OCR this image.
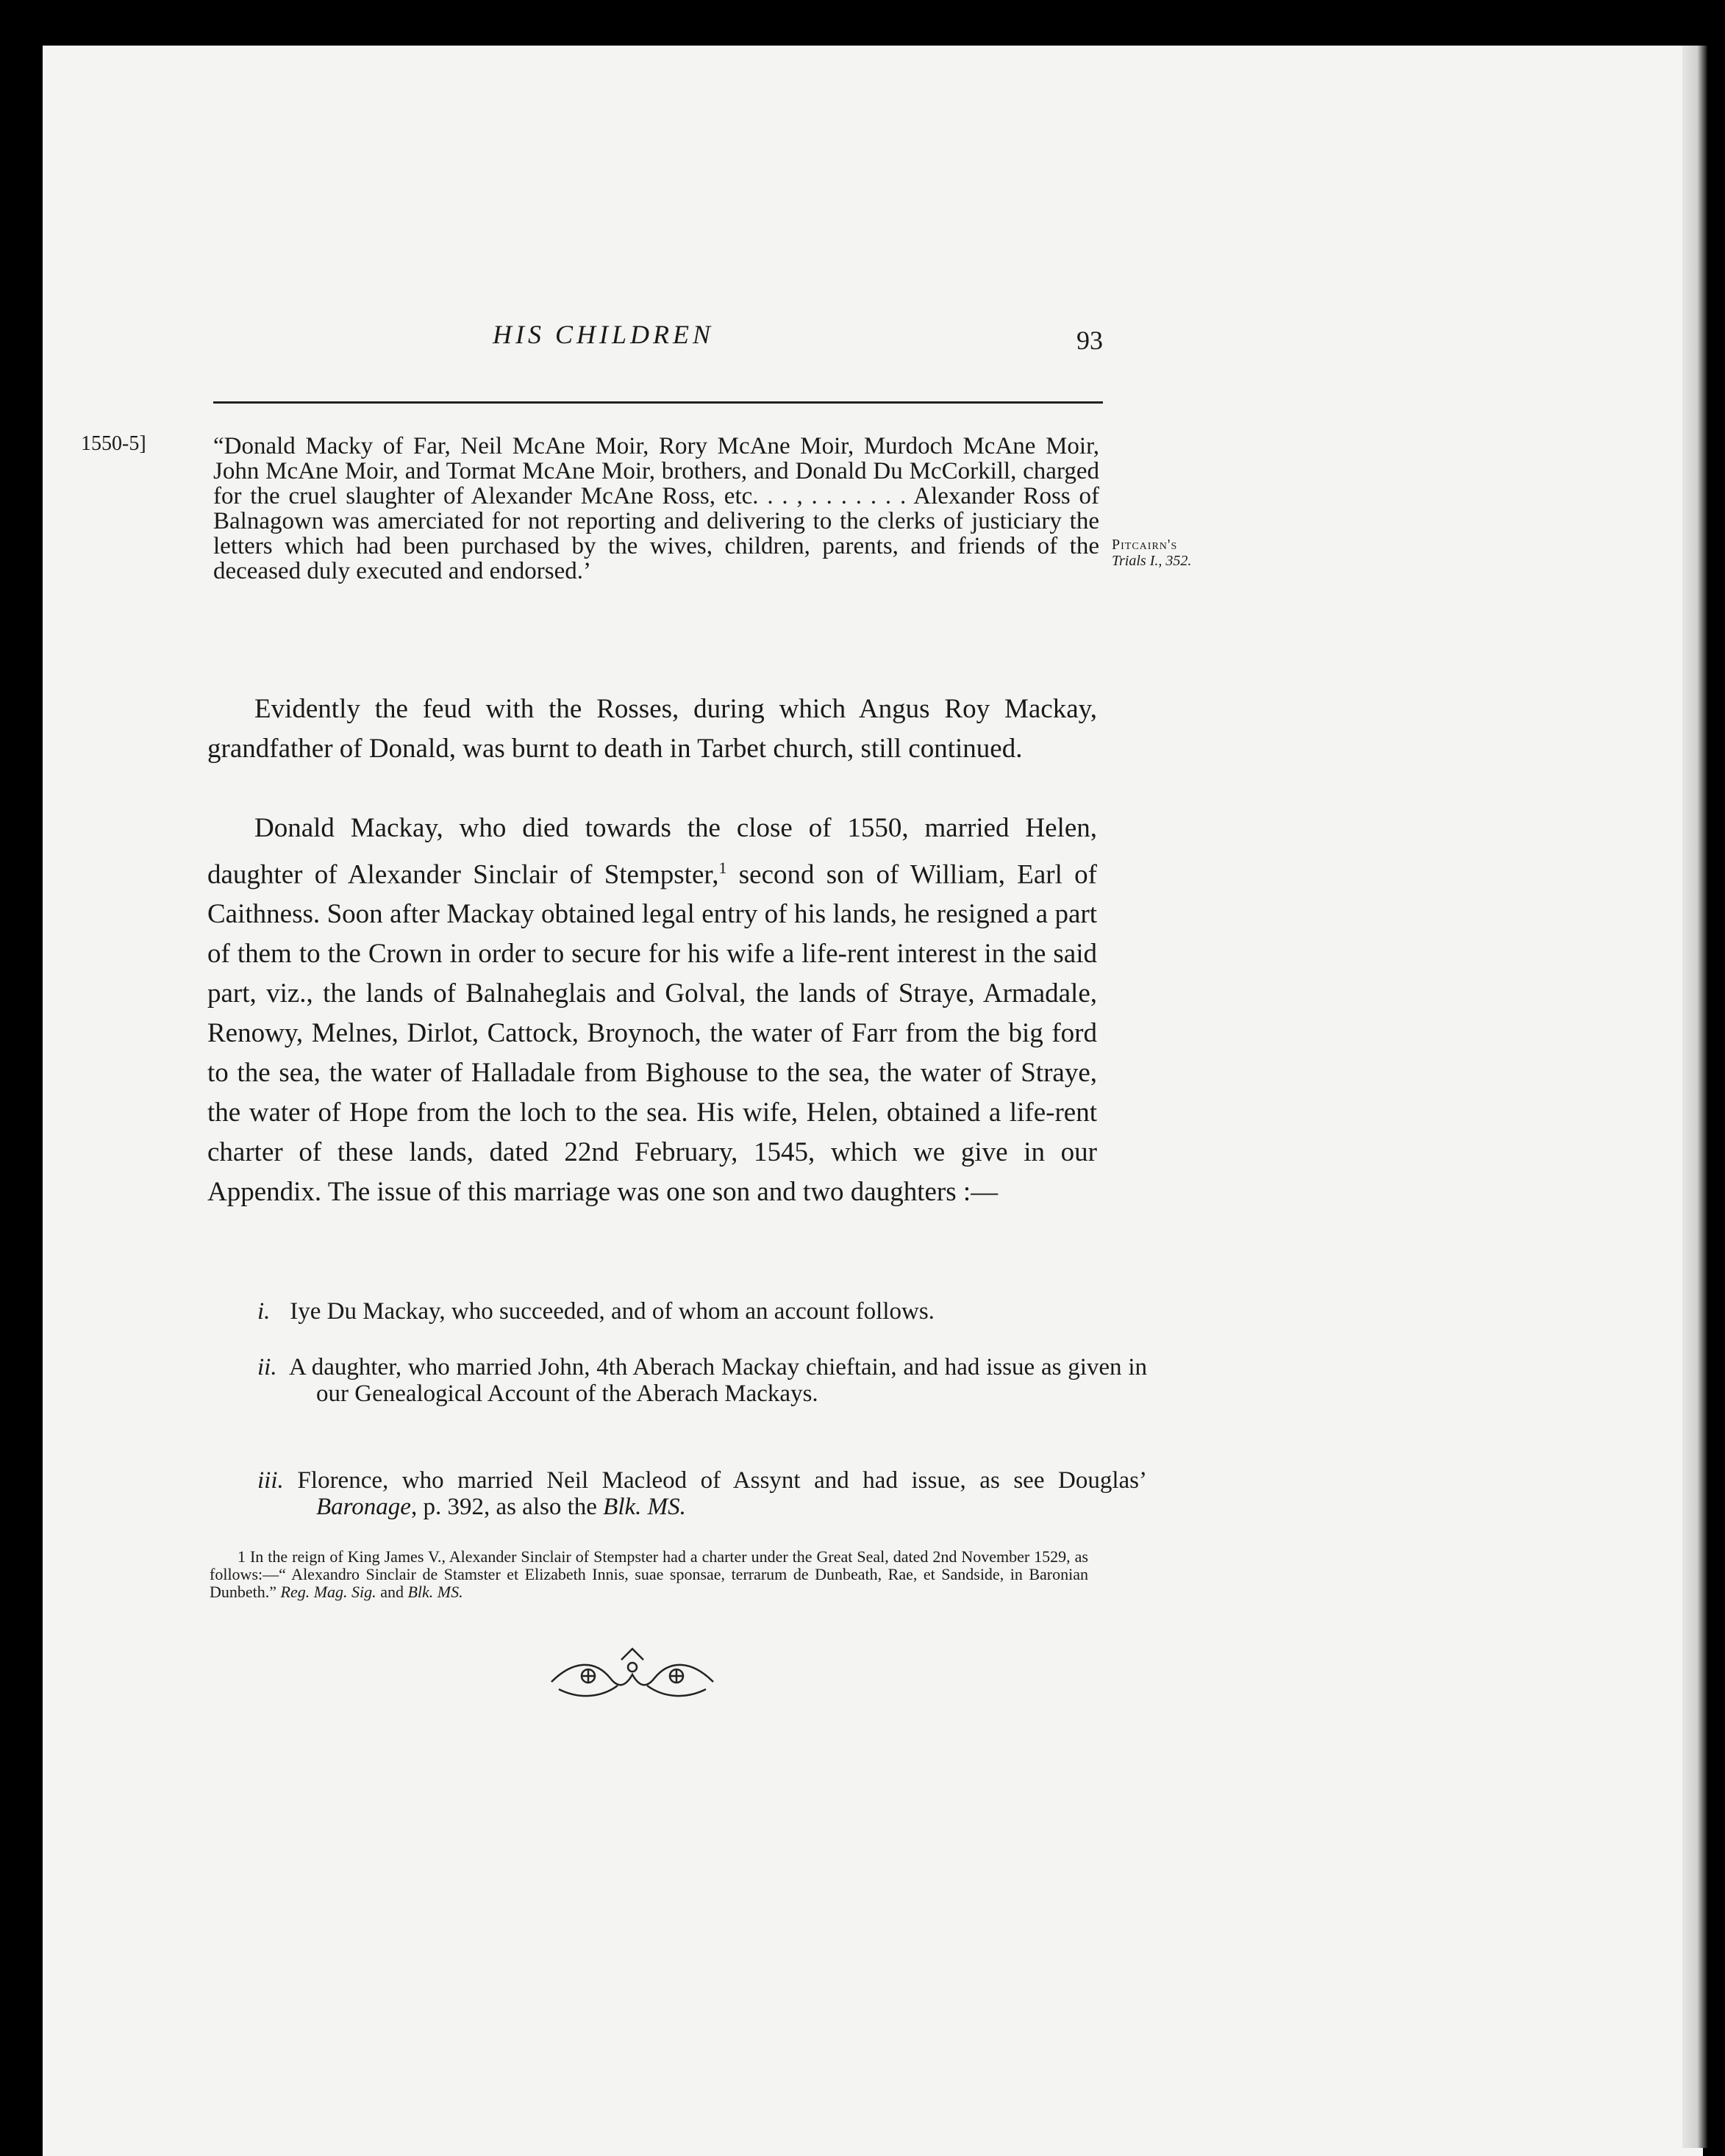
HIS CHILDREN	93
1550-5]
Pitcairn's
Trials I., 352.

“Donald Macky of Far, Neil McAne Moir, Rory McAne Moir, Murdoch McAne Moir, John McAne Moir, and Tormat McAne Moir, brothers, and Donald Du McCorkill, charged for the cruel slaughter of Alexander McAne Ross, etc. . . , . . . . . . . Alexander Ross of Balnagown was amerciated for not reporting and delivering to the clerks of justiciary the letters which had been purchased by the wives, children, parents, and friends of the deceased duly executed and endorsed.’

Evidently the feud with the Rosses, during which Angus Roy Mackay, grandfather of Donald, was burnt to death in Tarbet church, still continued.

Donald Mackay, who died towards the close of 1550, married Helen, daughter of Alexander Sinclair of Stempster,$^1$ second son of William, Earl of Caithness. Soon after Mackay obtained legal entry of his lands, he resigned a part of them to the Crown in order to secure for his wife a life-rent interest in the said part, viz., the lands of Balnaheglais and Golval, the lands of Straye, Armadale, Renowy, Melnes, Dirlot, Cattock, Broynoch, the water of Farr from the big ford to the sea, the water of Halladale from Bighouse to the sea, the water of Straye, the water of Hope from the loch to the sea. His wife, Helen, obtained a life-rent charter of these lands, dated 22nd February, 1545, which we give in our Appendix. The issue of this marriage was one son and two daughters :—

i. Iye Du Mackay, who succeeded, and of whom an account follows.

ii. A daughter, who married John, 4th Aberach Mackay chieftain, and had issue as given in our Genealogical Account of the Aberach Mackays.

iii. Florence, who married Neil Macleod of Assynt and had issue, as see Douglas’ Baronage, p. 392, as also the Blk. MS.

1 In the reign of King James V., Alexander Sinclair of Stempster had a charter under the Great Seal, dated 2nd November 1529, as follows:—“ Alexandro Sinclair de Stamster et Elizabeth Innis, suae sponsae, terrarum de Dunbeath, Rae, et Sandside, in Baronian Dunbeth.” Reg. Mag. Sig. and Blk. MS.
